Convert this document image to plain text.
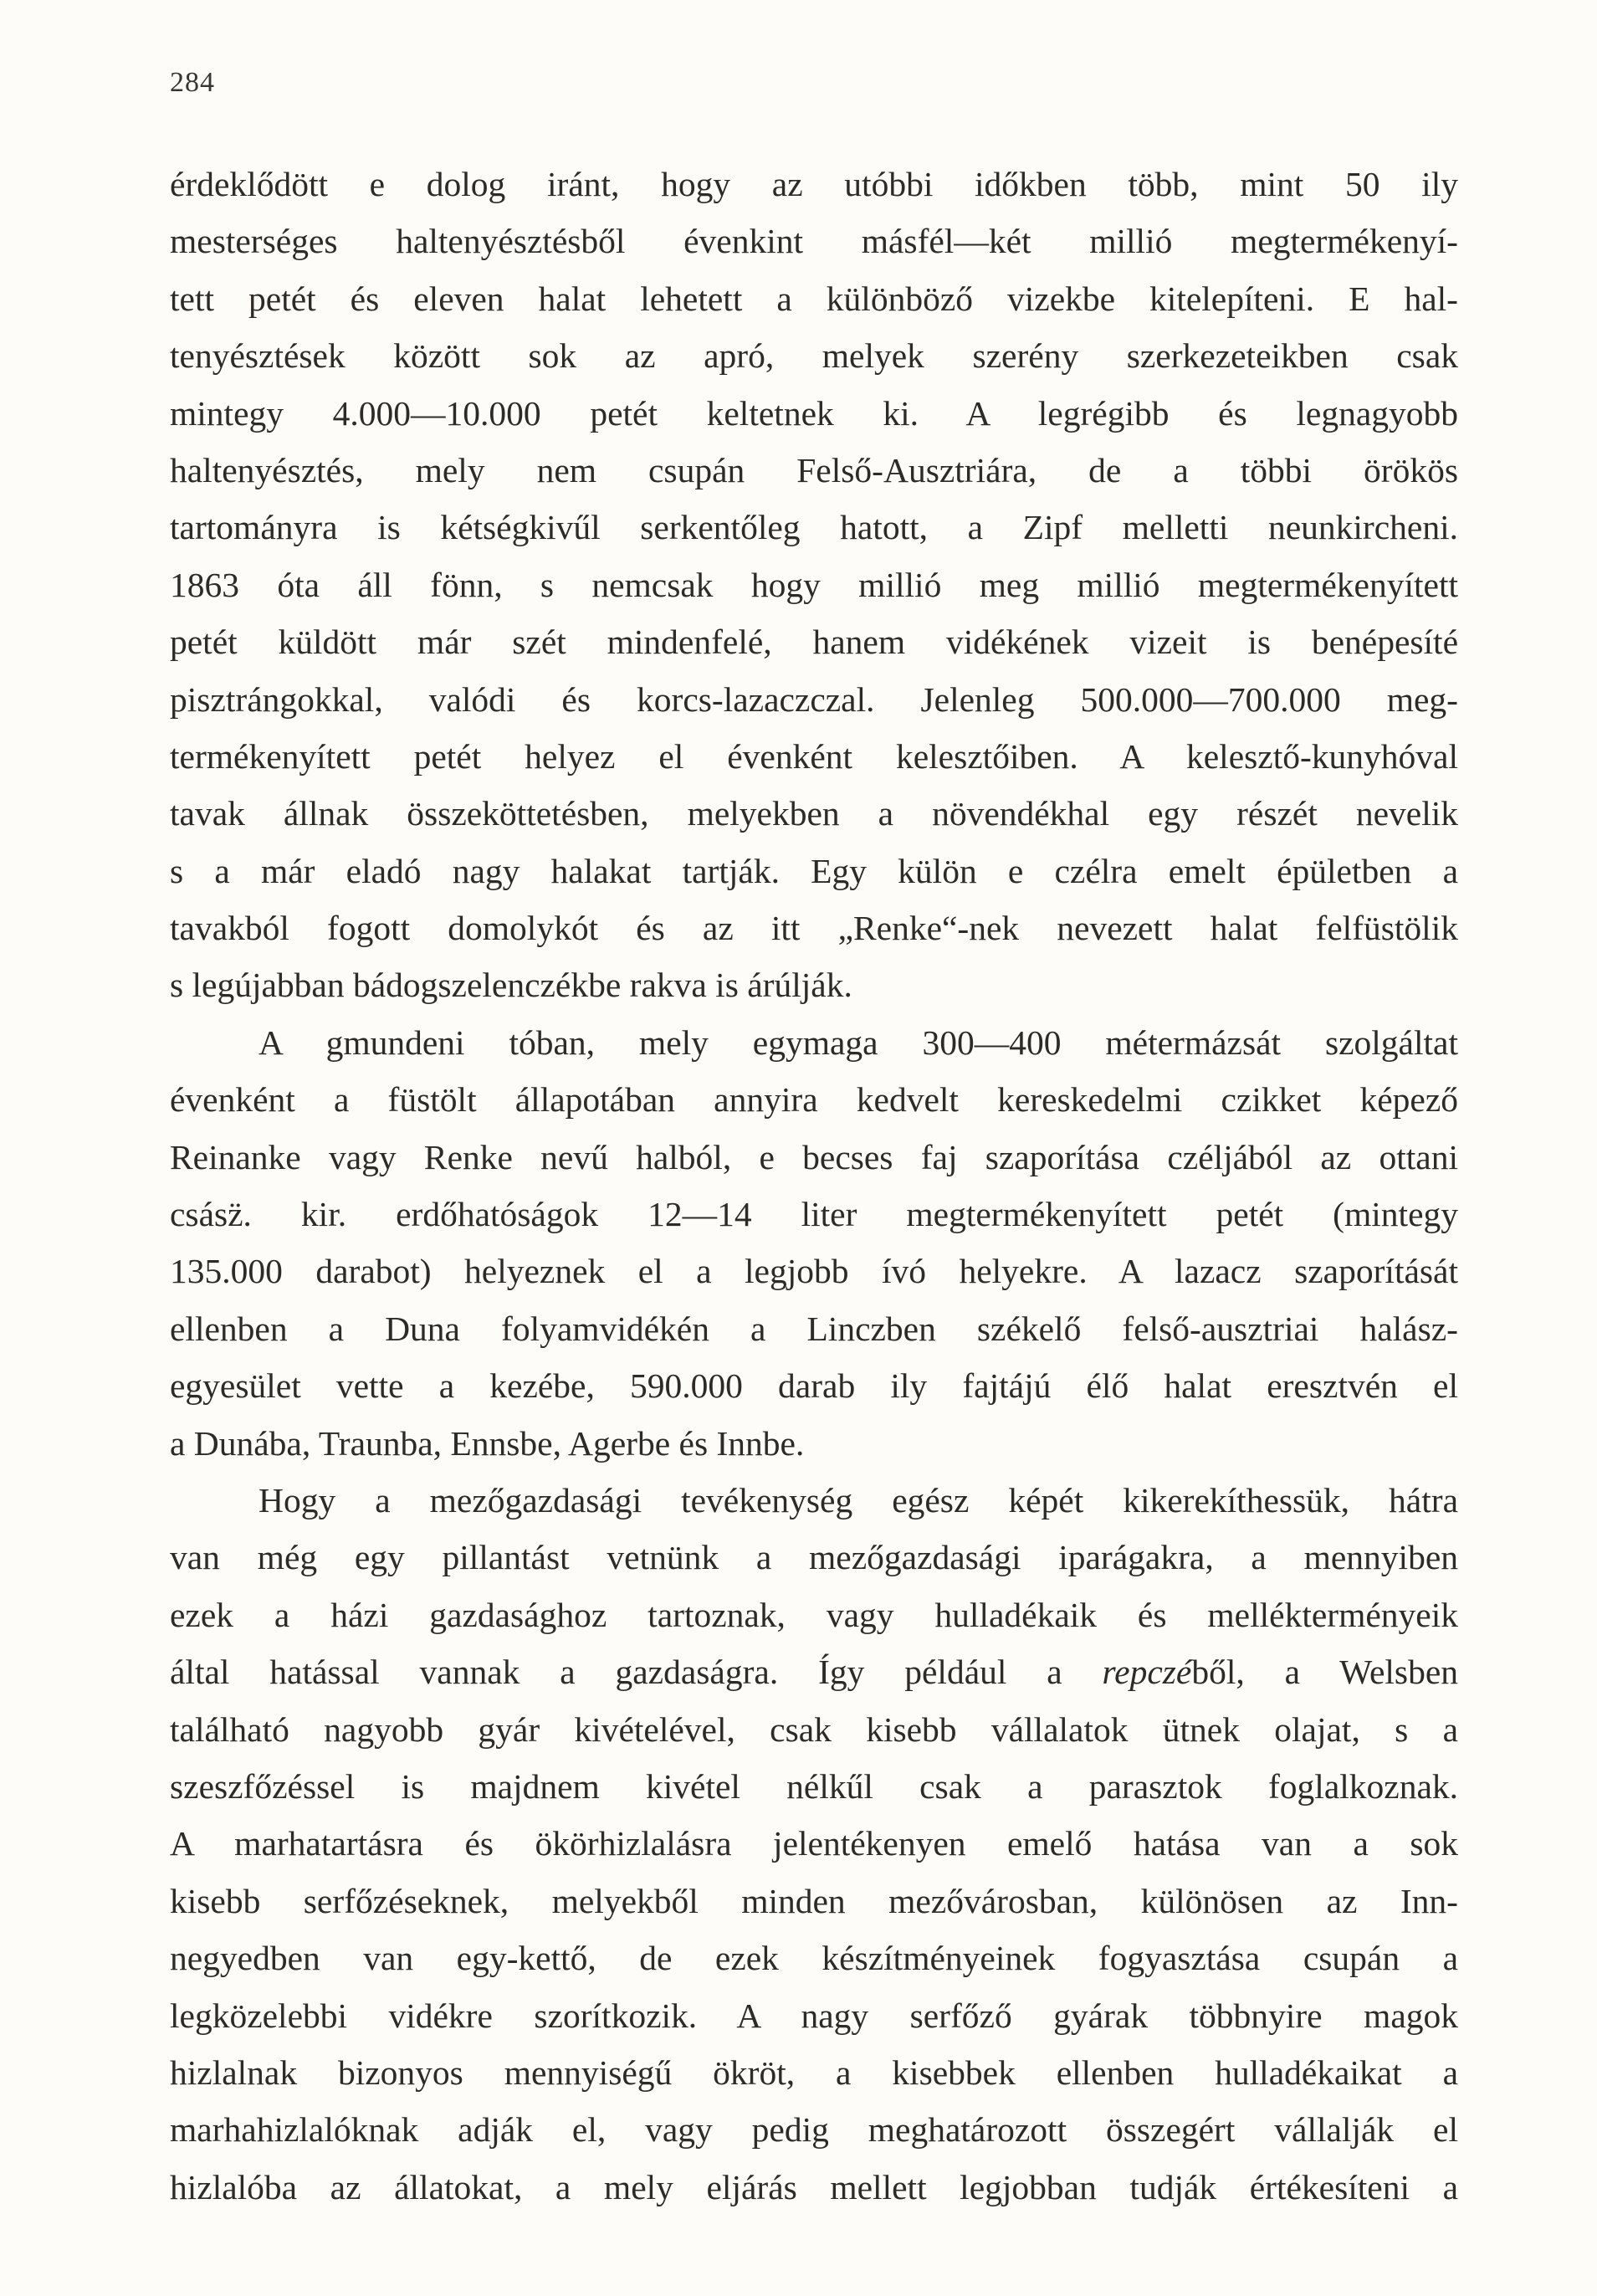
284
érdeklődött e dolog iránt, hogy az utóbbi időkben több, mint 50 ily
mesterséges haltenyésztésből évenkint másfél—két millió megtermékenyí-
tett petét és eleven halat lehetett a különböző vizekbe kitelepíteni. E hal-
tenyésztések között sok az apró, melyek szerény szerkezeteikben csak
mintegy 4.000—10.000 petét keltetnek ki. A legrégibb és legnagyobb
haltenyésztés, mely nem csupán Felső-Ausztriára, de a többi örökös
tartományra is kétségkivűl serkentőleg hatott, a Zipf melletti neunkircheni.
1863 óta áll fönn, s nemcsak hogy millió meg millió megtermékenyített
petét küldött már szét mindenfelé, hanem vidékének vizeit is benépesíté
pisztrángokkal, valódi és korcs-lazaczczal. Jelenleg 500.000—700.000 meg-
termékenyített petét helyez el évenként kelesztőiben. A kelesztő-kunyhóval
tavak állnak összeköttetésben, melyekben a növendékhal egy részét nevelik
s a már eladó nagy halakat tartják. Egy külön e czélra emelt épületben a
tavakból fogott domolykót és az itt „Renke“-nek nevezett halat felfüstölik
s legújabban bádogszelenczékbe rakva is árúlják.
A gmundeni tóban, mely egymaga 300—400 métermázsát szolgáltat
évenként a füstölt állapotában annyira kedvelt kereskedelmi czikket képező
Reinanke vagy Renke nevű halból, e becses faj szaporítása czéljából az ottani
csász̈. kir. erdőhatóságok 12—14 liter megtermékenyített petét (mintegy
135.000 darabot) helyeznek el a legjobb ívó helyekre. A lazacz szaporítását
ellenben a Duna folyamvidékén a Linczben székelő felső-ausztriai halász-
egyesület vette a kezébe, 590.000 darab ily fajtájú élő halat eresztvén el
a Dunába, Traunba, Ennsbe, Agerbe és Innbe.
Hogy a mezőgazdasági tevékenység egész képét kikerekíthessük, hátra
van még egy pillantást vetnünk a mezőgazdasági iparágakra, a mennyiben
ezek a házi gazdasághoz tartoznak, vagy hulladékaik és mellékterményeik
által hatással vannak a gazdaságra. Így például a repczéből, a Welsben
található nagyobb gyár kivételével, csak kisebb vállalatok ütnek olajat, s a
szeszfőzéssel is majdnem kivétel nélkűl csak a parasztok foglalkoznak.
A marhatartásra és ökörhizlalásra jelentékenyen emelő hatása van a sok
kisebb serfőzéseknek, melyekből minden mezővárosban, különösen az Inn-
negyedben van egy-kettő, de ezek készítményeinek fogyasztása csupán a
legközelebbi vidékre szorítkozik. A nagy serfőző gyárak többnyire magok
hizlalnak bizonyos mennyiségű ökröt, a kisebbek ellenben hulladékaikat a
marhahizlalóknak adják el, vagy pedig meghatározott összegért vállalják el
hizlalóba az állatokat, a mely eljárás mellett legjobban tudják értékesíteni a
